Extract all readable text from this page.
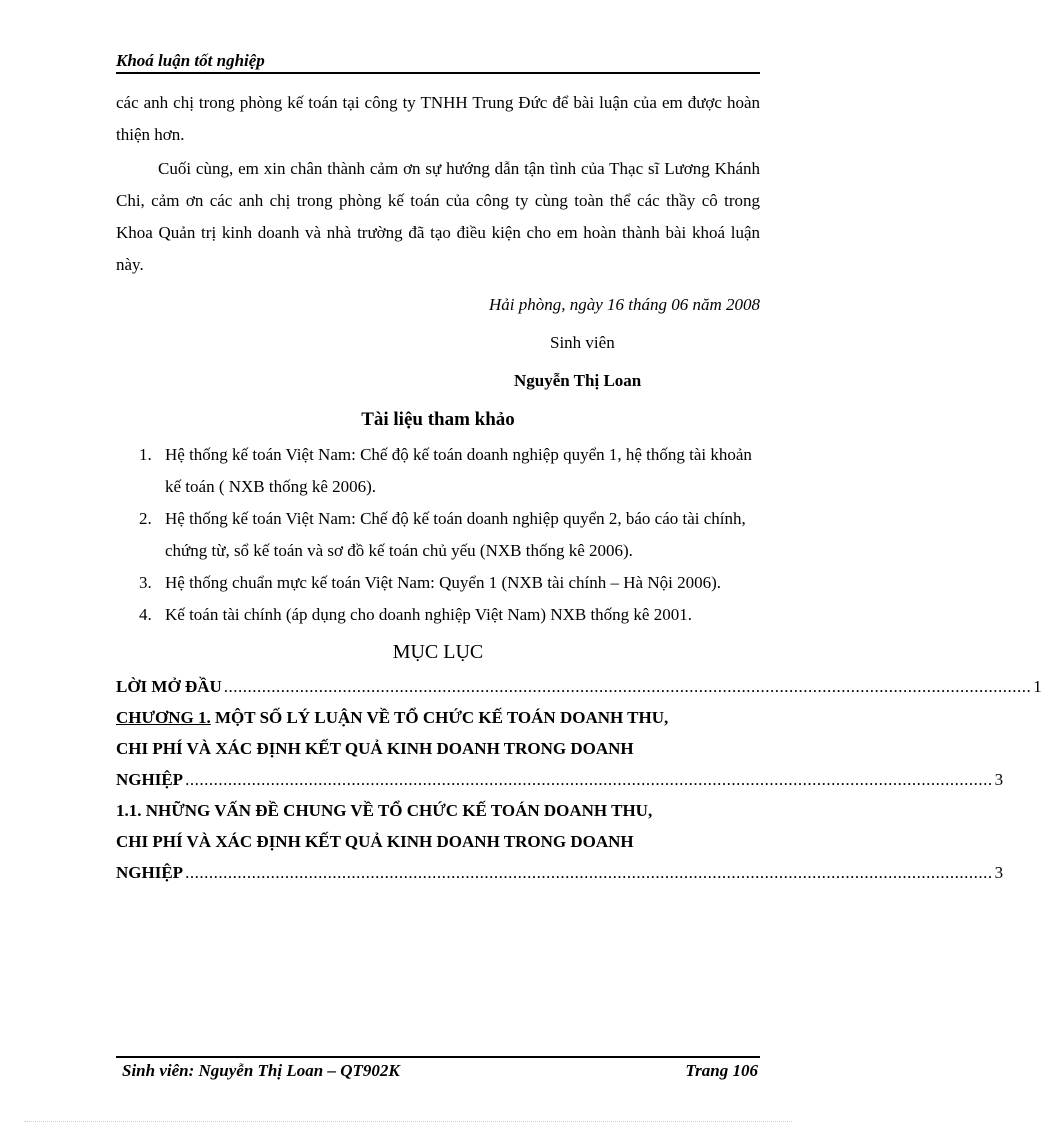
Khoá luận tốt nghiệp

các anh chị trong phòng kế toán tại công ty TNHH Trung Đức để bài luận của em được hoàn thiện hơn.

Cuối cùng, em xin chân thành cảm ơn sự hướng dẫn tận tình của Thạc sĩ Lương Khánh Chi, cảm ơn các anh chị trong phòng kế toán của công ty cùng toàn thể các thầy cô trong Khoa Quản trị kinh doanh và nhà trường đã tạo điều kiện cho em hoàn thành bài khoá luận này.

Hải phòng, ngày 16 tháng 06 năm 2008
Sinh viên
Nguyễn Thị Loan
Tài liệu tham khảo
1. Hệ thống kế toán Việt Nam: Chế độ kế toán doanh nghiệp quyển 1, hệ thống tài khoản kế toán ( NXB thống kê 2006).
2. Hệ thống kế toán Việt Nam: Chế độ kế toán doanh nghiệp quyển 2, báo cáo tài chính, chứng từ, sổ kế toán và sơ đồ kế toán chủ yếu (NXB thống kê 2006).
3. Hệ thống chuẩn mực kế toán Việt Nam: Quyển 1 (NXB tài chính – Hà Nội 2006).
4. Kế toán tài chính (áp dụng cho doanh nghiệp Việt Nam) NXB thống kê 2001.
MỤC LỤC
LỜI MỞ ĐẦU .......................................................................................................................................................................... 1
CHƯƠNG 1. MỘT SỐ LÝ LUẬN VỀ TỔ CHỨC KẾ TOÁN DOANH THU,
CHI PHÍ VÀ XÁC ĐỊNH KẾT QUẢ KINH DOANH TRONG DOANH
NGHIỆP .......................................................................................................................................................................... 3
1.1. NHỮNG VẤN ĐỀ CHUNG VỀ TỔ CHỨC KẾ TOÁN DOANH THU,
CHI PHÍ VÀ XÁC ĐỊNH KẾT QUẢ KINH DOANH TRONG DOANH
NGHIỆP .......................................................................................................................................................................... 3
Sinh viên: Nguyễn Thị Loan – QT902K	Trang 106
